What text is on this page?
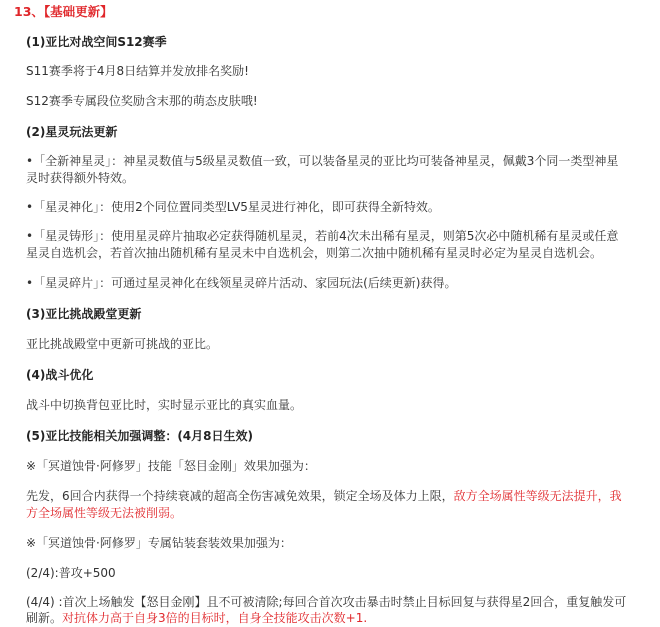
13、【基础更新】
(1)亚比对战空间S12赛季
S11赛季将于4月8日结算并发放排名奖励!
S12赛季专属段位奖励含末那的萌态皮肤哦!
(2)星灵玩法更新
•「全新神星灵」：神星灵数值与5级星灵数值一致，可以装备星灵的亚比均可装备神星灵，佩戴3个同一类型神星
灵时获得额外特效。
•「星灵神化」：使用2个同位置同类型LV5星灵进行神化，即可获得全新特效。
•「星灵铸形」：使用星灵碎片抽取必定获得随机星灵，若前4次未出稀有星灵，则第5次必中随机稀有星灵或任意
星灵自选机会，若首次抽出随机稀有星灵未中自选机会，则第二次抽中随机稀有星灵时必定为星灵自选机会。
•「星灵碎片」：可通过星灵神化在线领星灵碎片活动、家园玩法(后续更新)获得。
(3)亚比挑战殿堂更新
亚比挑战殿堂中更新可挑战的亚比。
(4)战斗优化
战斗中切换背包亚比时，实时显示亚比的真实血量。
(5)亚比技能相关加强调整：(4月8日生效)
※「冥道蚀骨·阿修罗」技能「怒目金刚」效果加强为：
先发，6回合内获得一个持续衰减的超高全伤害减免效果，锁定全场及体力上限，敌方全场属性等级无法提升，我
方全场属性等级无法被削弱。
※「冥道蚀骨·阿修罗」专属钻装套装效果加强为：
(2/4):普攻+500
(4/4) :首次上场触发【怒目金刚】且不可被清除;每回合首次攻击暴击时禁止目标回复与获得星2回合，重复触发可
刷新。对抗体力高于自身3倍的目标时，自身全技能攻击次数+1.
